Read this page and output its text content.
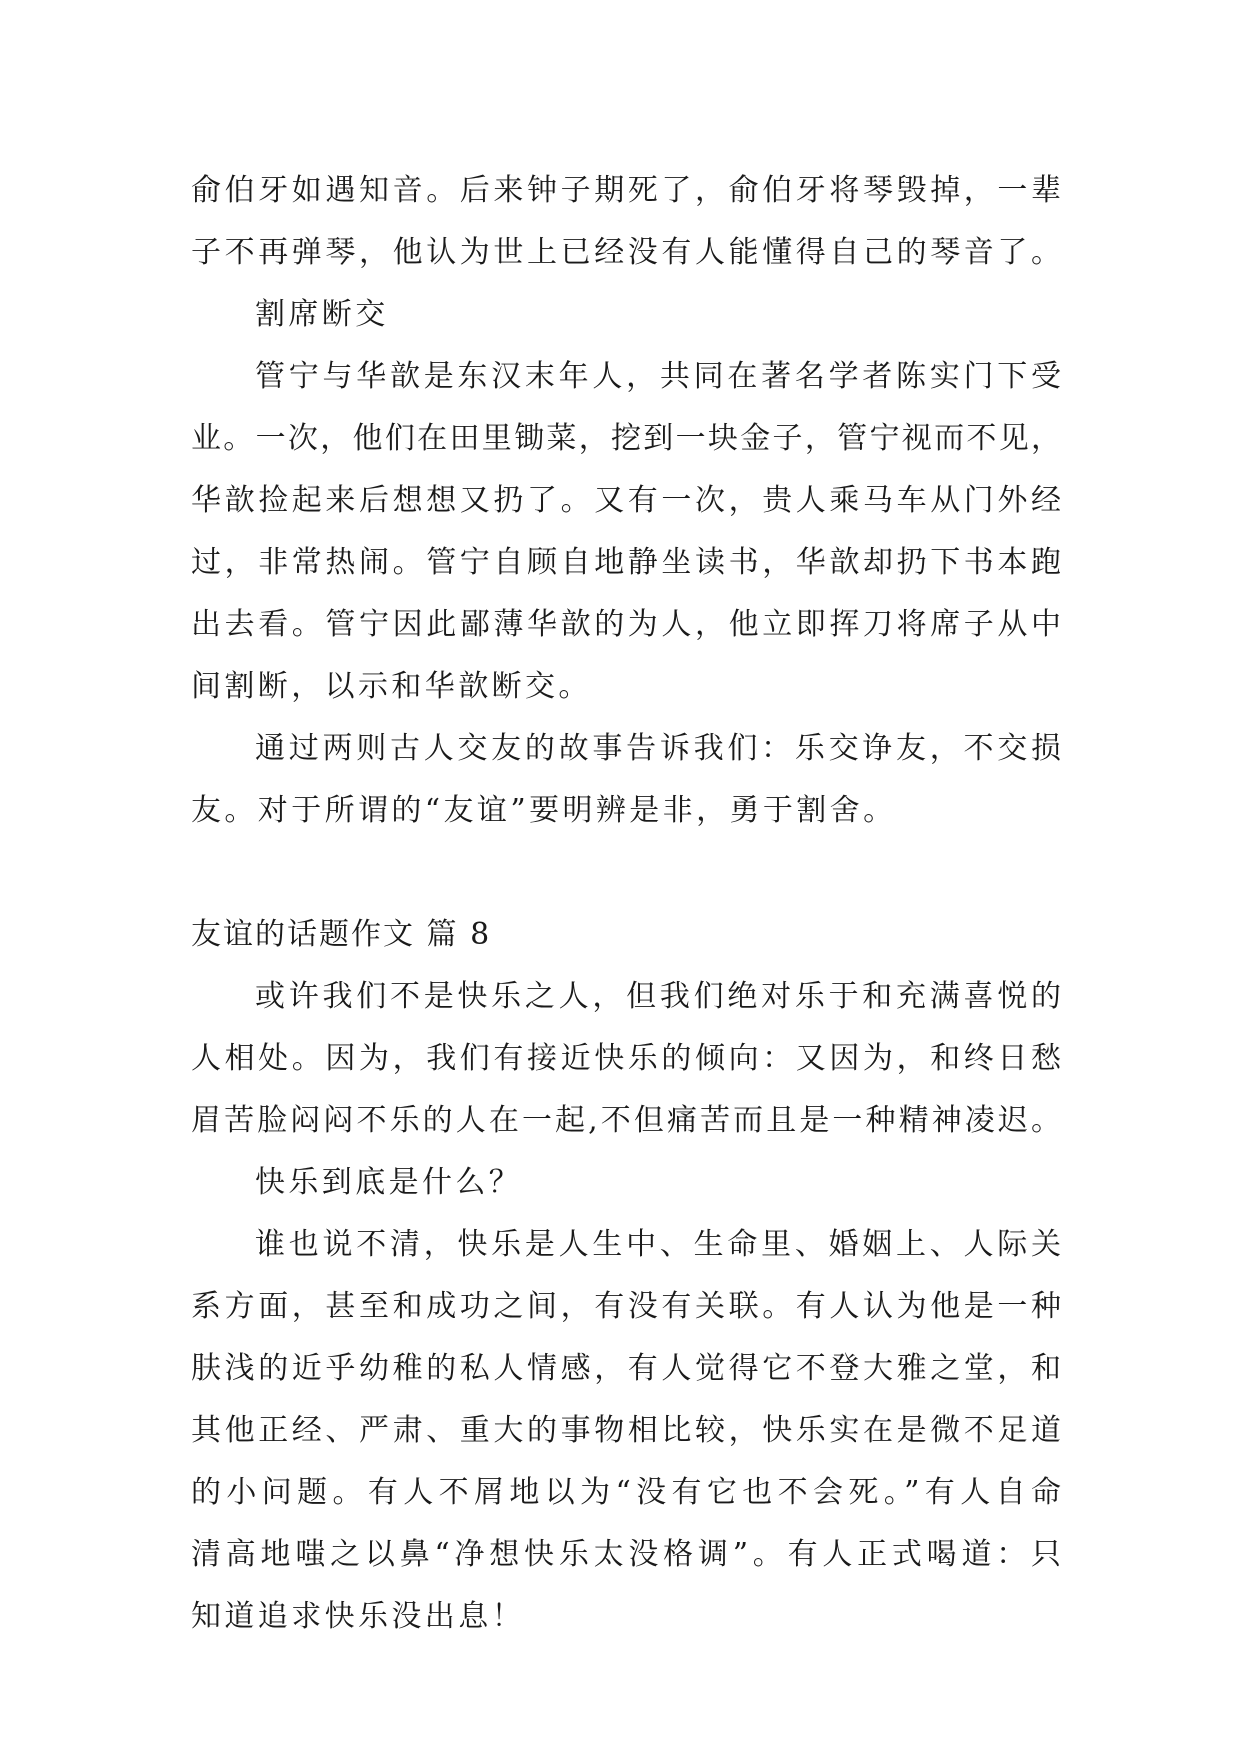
俞伯牙如遇知音。后来钟子期死了，俞伯牙将琴毁掉，一辈
子不再弹琴，他认为世上已经没有人能懂得自己的琴音了。
割席断交
管宁与华歆是东汉末年人，共同在著名学者陈实门下受
业。一次，他们在田里锄菜，挖到一块金子，管宁视而不见，
华歆捡起来后想想又扔了。又有一次，贵人乘马车从门外经
过，非常热闹。管宁自顾自地静坐读书，华歆却扔下书本跑
出去看。管宁因此鄙薄华歆的为人，他立即挥刀将席子从中
间割断，以示和华歆断交。
通过两则古人交友的故事告诉我们：乐交诤友，不交损
友。对于所谓的“友谊”要明辨是非，勇于割舍。
友谊的话题作文 篇 8
或许我们不是快乐之人，但我们绝对乐于和充满喜悦的
人相处。因为，我们有接近快乐的倾向：又因为，和终日愁
眉苦脸闷闷不乐的人在一起,不但痛苦而且是一种精神凌迟。
快乐到底是什么？
谁也说不清，快乐是人生中、生命里、婚姻上、人际关
系方面，甚至和成功之间，有没有关联。有人认为他是一种
肤浅的近乎幼稚的私人情感，有人觉得它不登大雅之堂，和
其他正经、严肃、重大的事物相比较，快乐实在是微不足道
的小问题。有人不屑地以为“没有它也不会死。”有人自命
清高地嗤之以鼻“净想快乐太没格调”。有人正式喝道：只
知道追求快乐没出息！
